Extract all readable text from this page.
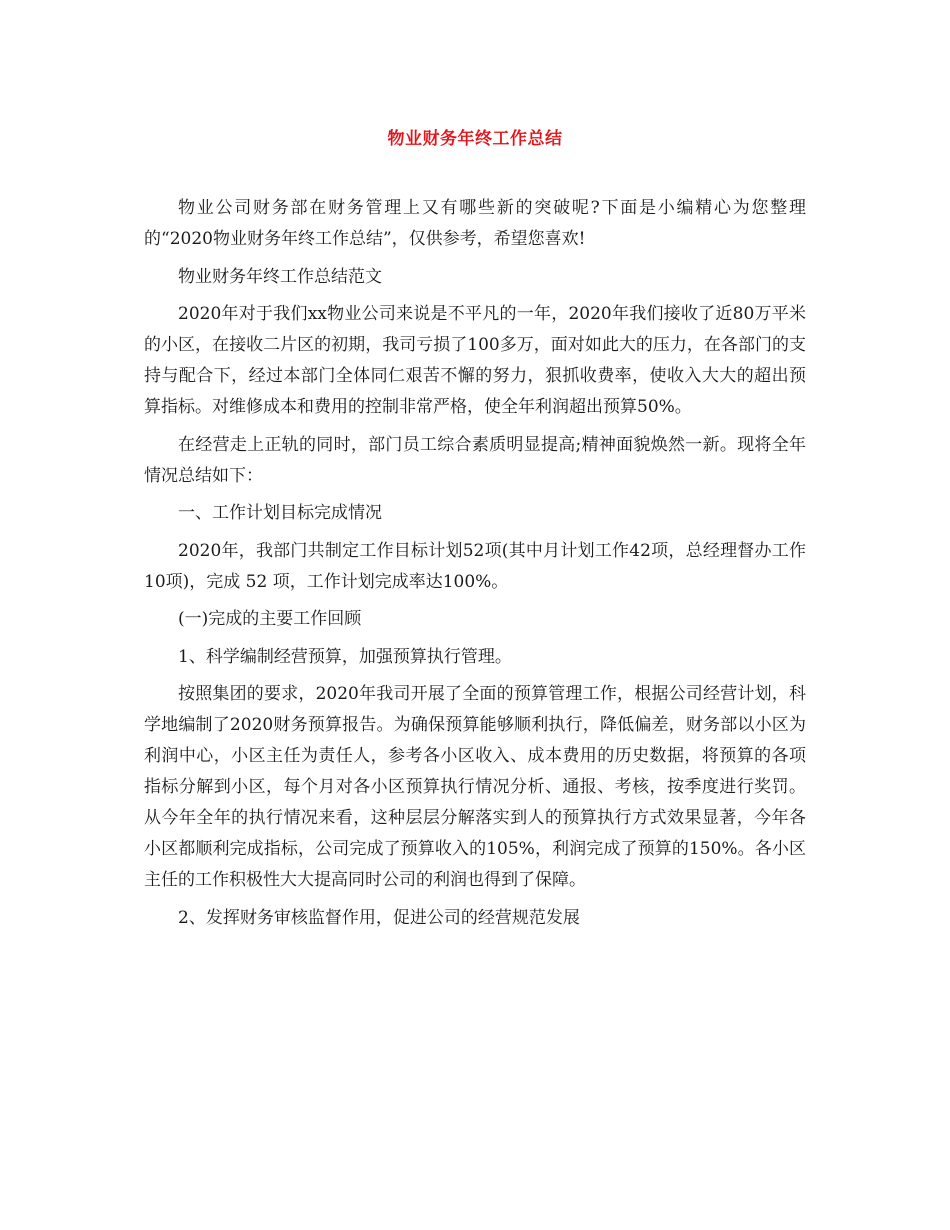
物业财务年终工作总结

物业公司财务部在财务管理上又有哪些新的突破呢?下面是小编精心为您整理的“2020物业财务年终工作总结”，仅供参考，希望您喜欢!

物业财务年终工作总结范文

2020年对于我们xx物业公司来说是不平凡的一年，2020年我们接收了近80万平米的小区，在接收二片区的初期，我司亏损了100多万，面对如此大的压力，在各部门的支持与配合下，经过本部门全体同仁艰苦不懈的努力，狠抓收费率，使收入大大的超出预算指标。对维修成本和费用的控制非常严格，使全年利润超出预算50%。

在经营走上正轨的同时，部门员工综合素质明显提高;精神面貌焕然一新。现将全年情况总结如下：

一、工作计划目标完成情况

2020年，我部门共制定工作目标计划52项(其中月计划工作42项，总经理督办工作10项)，完成 52 项，工作计划完成率达100%。

(一)完成的主要工作回顾

1、科学编制经营预算，加强预算执行管理。

按照集团的要求，2020年我司开展了全面的预算管理工作，根据公司经营计划，科学地编制了2020财务预算报告。为确保预算能够顺利执行，降低偏差，财务部以小区为利润中心，小区主任为责任人，参考各小区收入、成本费用的历史数据，将预算的各项指标分解到小区，每个月对各小区预算执行情况分析、通报、考核，按季度进行奖罚。从今年全年的执行情况来看，这种层层分解落实到人的预算执行方式效果显著，今年各小区都顺利完成指标，公司完成了预算收入的105%，利润完成了预算的150%。各小区主任的工作积极性大大提高同时公司的利润也得到了保障。

2、发挥财务审核监督作用，促进公司的经营规范发展
